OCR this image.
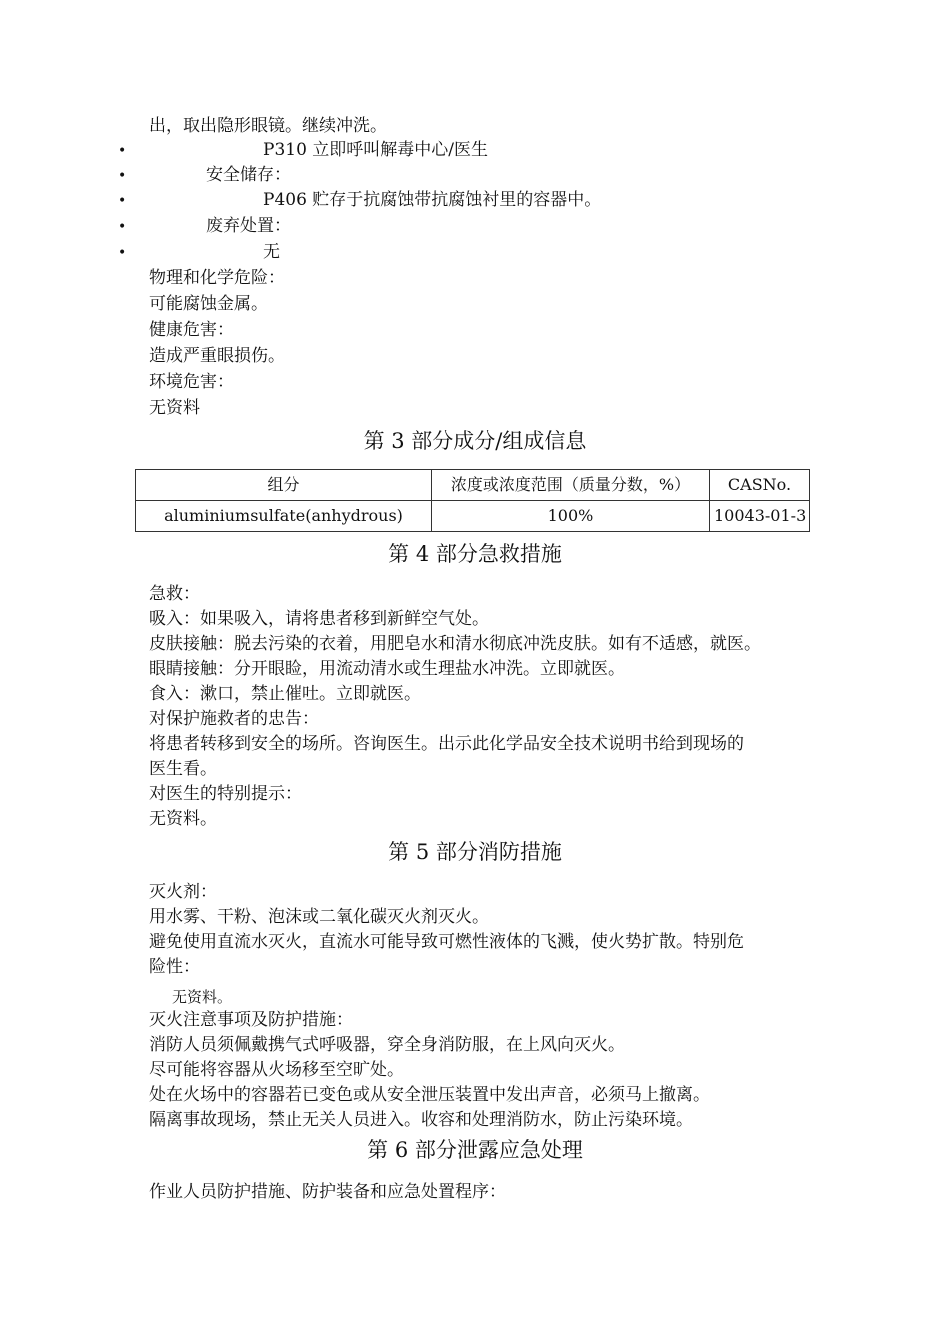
出，取出隐形眼镜。继续冲洗。
•	P310 立即呼叫解毒中心/医生
•	安全储存：
•	P406 贮存于抗腐蚀带抗腐蚀衬里的容器中。
•	废弃处置：
•	无
物理和化学危险：
可能腐蚀金属。
健康危害：
造成严重眼损伤。
环境危害：
无资料
第 3 部分成分/组成信息
组分	浓度或浓度范围（质量分数，%）	CASNo.
aluminiumsulfate(anhydrous)	100%	10043-01-3
第 4 部分急救措施
急救：
吸入：如果吸入，请将患者移到新鲜空气处。
皮肤接触：脱去污染的衣着，用肥皂水和清水彻底冲洗皮肤。如有不适感，就医。
眼睛接触：分开眼睑，用流动清水或生理盐水冲洗。立即就医。
食入：漱口，禁止催吐。立即就医。
对保护施救者的忠告：
将患者转移到安全的场所。咨询医生。出示此化学品安全技术说明书给到现场的
医生看。
对医生的特别提示：
无资料。
第 5 部分消防措施
灭火剂：
用水雾、干粉、泡沫或二氧化碳灭火剂灭火。
避免使用直流水灭火，直流水可能导致可燃性液体的飞溅，使火势扩散。特别危
险性：
无资料。
灭火注意事项及防护措施：
消防人员须佩戴携气式呼吸器，穿全身消防服，在上风向灭火。
尽可能将容器从火场移至空旷处。
处在火场中的容器若已变色或从安全泄压装置中发出声音，必须马上撤离。
隔离事故现场，禁止无关人员进入。收容和处理消防水，防止污染环境。
第 6 部分泄露应急处理
作业人员防护措施、防护装备和应急处置程序：
